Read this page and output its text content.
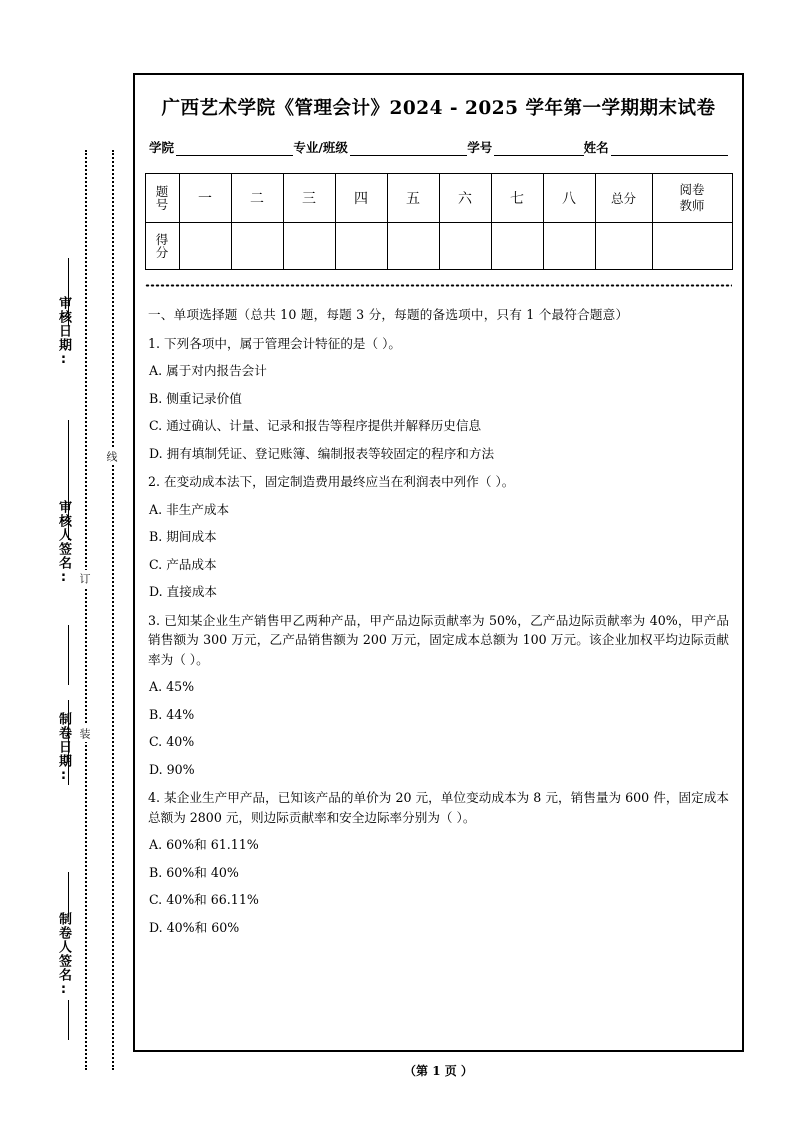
线
订
装
审核日期:
审核人签名:
制卷日期:
制卷人签名:
广西艺术学院《管理会计》2024 - 2025 学年第一学期期末试卷
学院	专业/班级	学号	姓名
题
号	一	二	三	四	五	六	七	八	总分	阅卷
教师

得
分										

一、单项选择题（总共 10 题，每题 3 分，每题的备选项中，只有 1 个最符合题意）
1. 下列各项中，属于管理会计特征的是（ ）。
A. 属于对内报告会计
B. 侧重记录价值
C. 通过确认、计量、记录和报告等程序提供并解释历史信息
D. 拥有填制凭证、登记账簿、编制报表等较固定的程序和方法
2. 在变动成本法下，固定制造费用最终应当在利润表中列作（ ）。
A. 非生产成本
B. 期间成本
C. 产品成本
D. 直接成本
3. 已知某企业生产销售甲乙两种产品，甲产品边际贡献率为 50%，乙产品边际贡献率为 40%，甲产品销售额为 300 万元，乙产品销售额为 200 万元，固定成本总额为 100 万元。该企业加权平均边际贡献率为（ ）。
A. 45%
B. 44%
C. 40%
D. 90%
4. 某企业生产甲产品，已知该产品的单价为 20 元，单位变动成本为 8 元，销售量为 600 件，固定成本总额为 2800 元，则边际贡献率和安全边际率分别为（ ）。
A. 60%和 61.11%
B. 60%和 40%
C. 40%和 66.11%
D. 40%和 60%
（第 1 页 ）
